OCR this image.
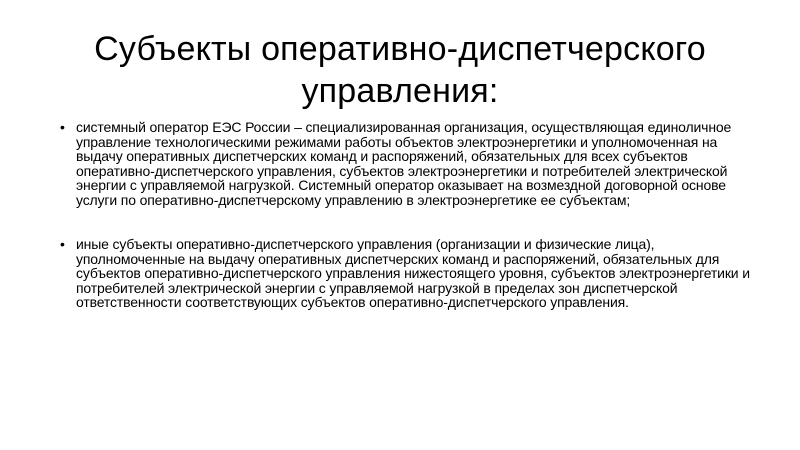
Субъекты оперативно-диспетчерского управления:
• системный оператор ЕЭС России – специализированная организация, осуществляющая единоличное управление технологическими режимами работы объектов электроэнергетики и уполномоченная на выдачу оперативных диспетчерских команд и распоряжений, обязательных для всех субъектов оперативно-диспетчерского управления, субъектов электроэнергетики и потребителей электрической энергии с управляемой нагрузкой. Системный оператор оказывает на возмездной договорной основе услуги по оперативно-диспетчерскому управлению в электроэнергетике ее субъектам;
• иные субъекты оперативно-диспетчерского управления (организации и физические лица), уполномоченные на выдачу оперативных диспетчерских команд и распоряжений, обязательных для субъектов оперативно-диспетчерского управления нижестоящего уровня, субъектов электроэнергетики и потребителей электрической энергии с управляемой нагрузкой в пределах зон диспетчерской ответственности соответствующих субъектов оперативно-диспетчерского управления.
